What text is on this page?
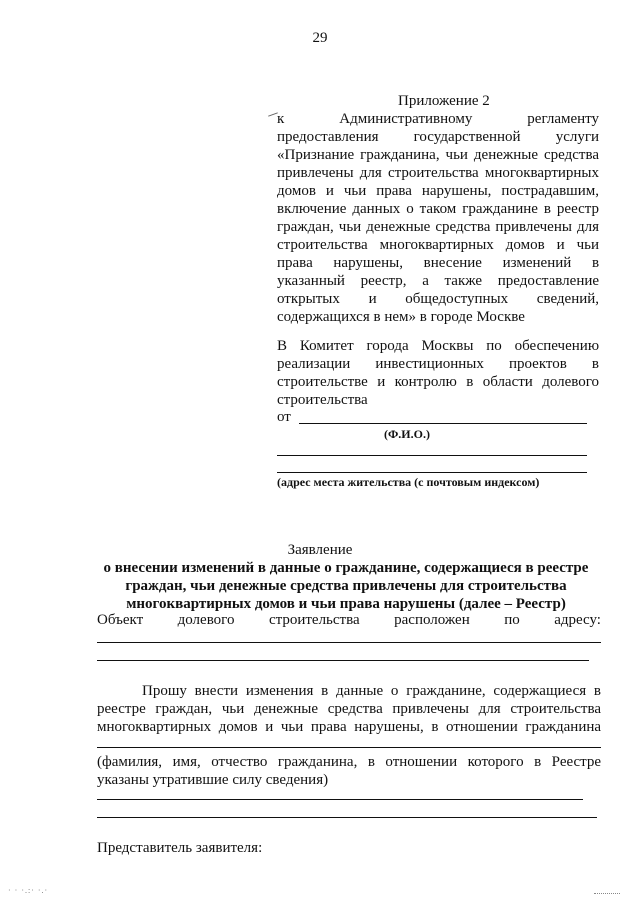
29
Приложение 2
к	Административному	регламенту
предоставления государственной услуги
«Признание гражданина, чьи денежные средства
привлечены для строительства многоквартирных
домов и чьи права нарушены, пострадавшим,
включение данных о таком гражданине в реестр
граждан, чьи денежные средства привлечены для
строительства многоквартирных домов и чьи
права нарушены, внесение изменений в
указанный реестр, а также предоставление
открытых и общедоступных сведений,
содержащихся в нем» в городе Москве
В Комитет города Москвы по обеспечению
реализации инвестиционных проектов в
строительстве и контролю в области долевого
строительства
от
(Ф.И.О.)
(адрес места жительства (с почтовым индексом)
Заявление
о внесении изменений в данные о гражданине, содержащиеся в реестре
граждан, чьи денежные средства привлечены для строительства
многоквартирных домов и чьи права нарушены (далее – Реестр)
Объект долевого строительства расположен по адресу:
Прошу внести изменения в данные о гражданине, содержащиеся в
реестре граждан, чьи денежные средства привлечены для строительства
многоквартирных домов и чьи права нарушены, в отношении гражданина
(фамилия, имя, отчество гражданина, в отношении которого в Реестре
указаны утратившие силу сведения)
Представитель заявителя:
· · ·.:· ·.·
